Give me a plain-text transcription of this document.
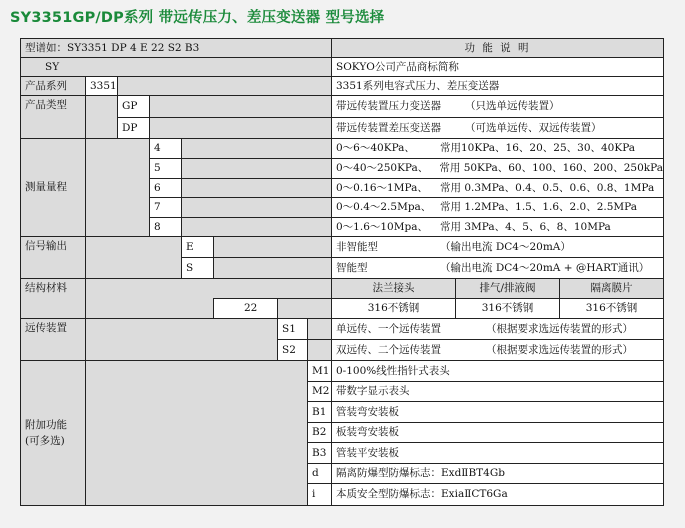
SY3351GP/DP系列 带远传压力、差压变送器 型号选择
型谱如：SY3351 DP 4 E 22 S2 B3	功 能 说 明
SY	SOKYO公司产品商标简称
产品系列	3351	3351系列电容式压力、差压变送器
产品类型	GP	带远传装置压力变送器 （只选单远传装置）
DP	带远传装置差压变送器 （可选单远传、双远传装置）
测量量程
4	0～6～40KPa、	常用10KPa、16、20、25、30、40KPa
5	0～40～250KPa、	常用 50KPa、60、100、160、200、250kPa
6	0～0.16～1MPa、	常用 0.3MPa、0.4、0.5、0.6、0.8、1MPa
7	0～0.4～2.5Mpa、 常用 1.2MPa、1.5、1.6、2.0、2.5MPa
8	0～1.6～10Mpa、	常用 3MPa、4、5、6、8、10MPa
信号输出	E	非智能型	（输出电流 DC4～20mA）
S	智能型	（输出电流 DC4～20mA + @HART通讯）
结构材料	法兰接头	排气/排液阀	隔离膜片
22	316不锈钢	316不锈钢	316不锈钢
远传装置	S1	单远传、一个远传装置	（根据要求选远传装置的形式）
S2	双远传、二个远传装置	（根据要求选远传装置的形式）
附加功能
(可多选)
M1 0-100%线性指针式表头
M2 带数字显示表头
B1 管装弯安装板
B2 板装弯安装板
B3 管装平安装板
d	隔离防爆型防爆标志：ExdⅡBT4Gb
i	本质安全型防爆标志：ExiaⅡCT6Ga
